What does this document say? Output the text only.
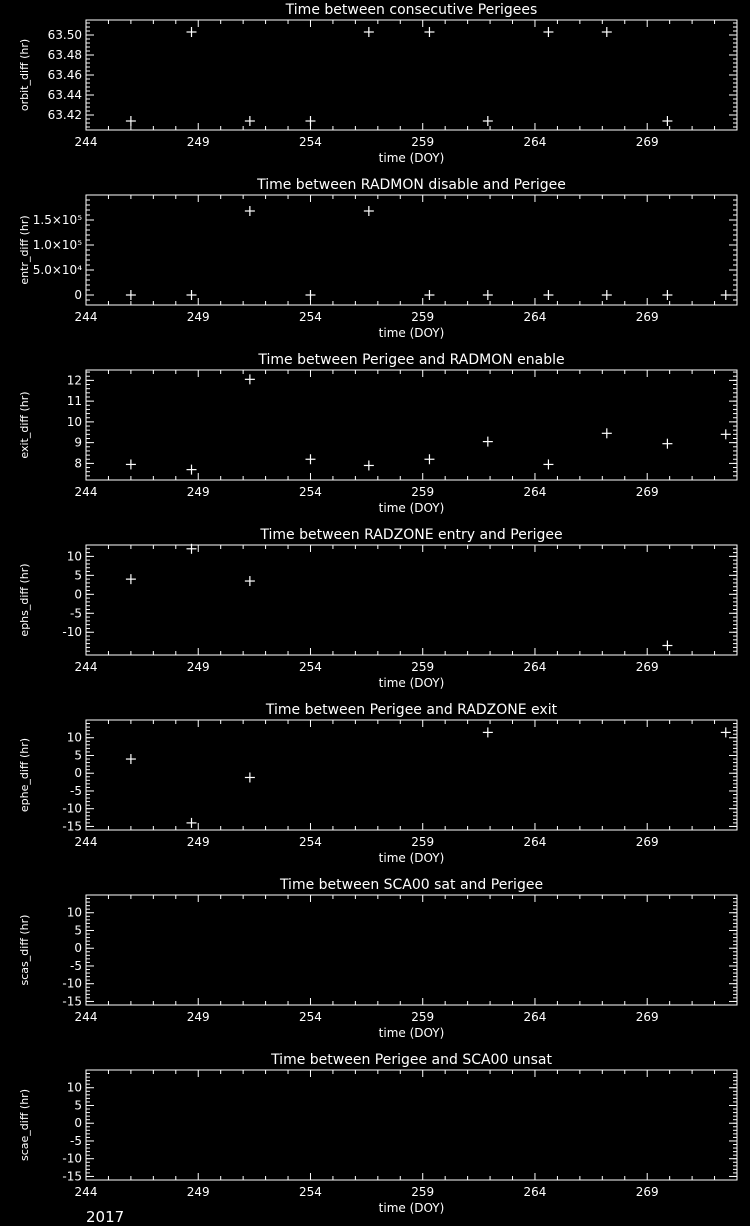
Time between consecutive Perigees
244	249	254	259	264	269
time (DOY)
63.42
63.44
63.46
63.48
63.50
orbit_diff (hr)
Time between RADMON disable and Perigee
244	249	254	259	264	269
time (DOY)
0
5.0×10⁴
1.0×10⁵
1.5×10⁵
entr_diff (hr)
Time between Perigee and RADMON enable
244	249	254	259	264	269
time (DOY)
8
9
10
11
12
exit_diff (hr)
Time between RADZONE entry and Perigee
244	249	254	259	264	269
time (DOY)
-10
-5
0
5
10
ephs_diff (hr)
Time between Perigee and RADZONE exit
244	249	254	259	264	269
time (DOY)
-15
-10
-5
0
5
10
ephe_diff (hr)
Time between SCA00 sat and Perigee
244	249	254	259	264	269
time (DOY)
-15
-10
-5
0
5
10
scas_diff (hr)
Time between Perigee and SCA00 unsat
244	249	254	259	264	269
time (DOY)
-15
-10
-5
0
5
10
scae_diff (hr)
2017
